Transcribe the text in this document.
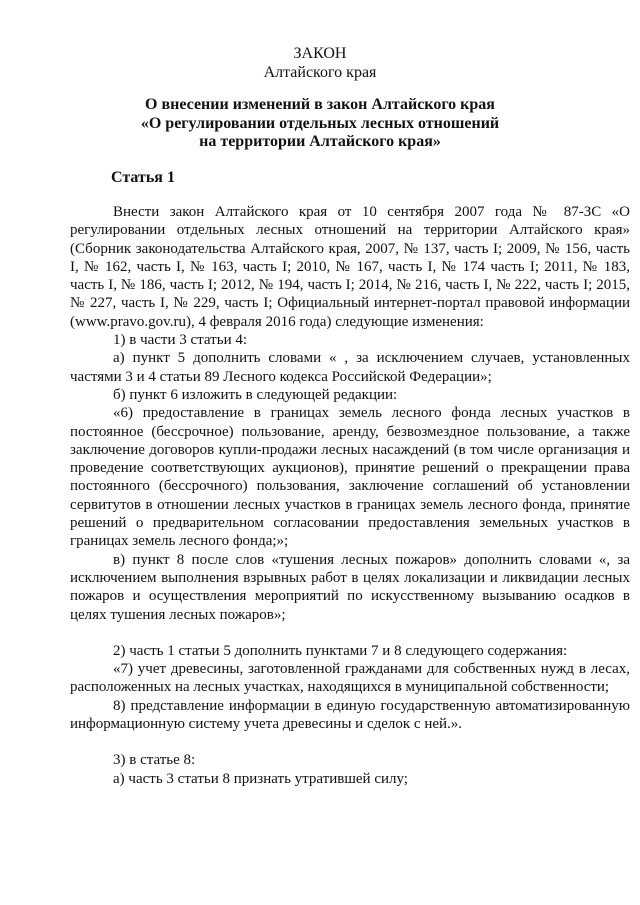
ЗАКОН
Алтайского края
О внесении изменений в закон Алтайского края
«О регулировании отдельных лесных отношений
на территории Алтайского края»
Статья 1

Внести закон Алтайского края от 10 сентября 2007 года № 87-ЗС «О регулировании отдельных лесных отношений на территории Алтайского края» (Сборник законодательства Алтайского края, 2007, № 137, часть I; 2009, № 156, часть I, № 162, часть I, № 163, часть I; 2010, № 167, часть I, № 174 часть I; 2011, № 183, часть I, № 186, часть I; 2012, № 194, часть I; 2014, № 216, часть I, № 222, часть I; 2015, № 227, часть I, № 229, часть I; Официальный интернет-портал правовой информации (www.pravo.gov.ru), 4 февраля 2016 года) следующие изменения:

1) в части 3 статьи 4:

а) пункт 5 дополнить словами « , за исключением случаев, установленных частями 3 и 4 статьи 89 Лесного кодекса Российской Федерации»;

б) пункт 6 изложить в следующей редакции:

«6) предоставление в границах земель лесного фонда лесных участков в постоянное (бессрочное) пользование, аренду, безвозмездное пользование, а также заключение договоров купли-продажи лесных насаждений (в том числе организация и проведение соответствующих аукционов), принятие решений о прекращении права постоянного (бессрочного) пользования, заключение соглашений об установлении сервитутов в отношении лесных участков в границах земель лесного фонда, принятие решений о предварительном согласовании предоставления земельных участков в границах земель лесного фонда;»;

в) пункт 8 после слов «тушения лесных пожаров» дополнить словами «, за исключением выполнения взрывных работ в целях локализации и ликвидации лесных пожаров и осуществления мероприятий по искусственному вызыванию осадков в целях тушения лесных пожаров»;

2) часть 1 статьи 5 дополнить пунктами 7 и 8 следующего содержания:

«7) учет древесины, заготовленной гражданами для собственных нужд в лесах, расположенных на лесных участках, находящихся в муниципальной собственности;

8) представление информации в единую государственную автоматизированную информационную систему учета древесины и сделок с ней.».

3) в статье 8:

а) часть 3 статьи 8 признать утратившей силу;
